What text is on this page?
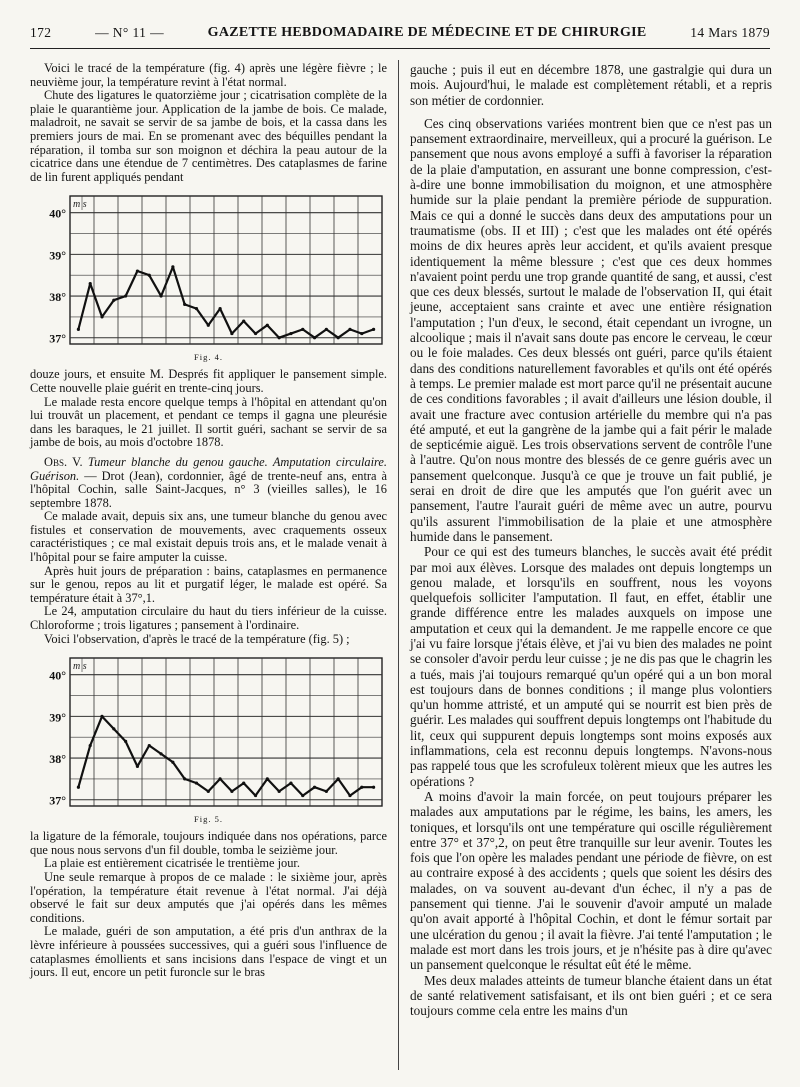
172	— N° 11 —	GAZETTE HEBDOMADAIRE DE MÉDECINE ET DE CHIRURGIE	14 Mars 1879

Voici le tracé de la température (fig. 4) après une légère fièvre ; le neuvième jour, la température revint à l'état normal.

Chute des ligatures le quatorzième jour ; cicatrisation complète de la plaie le quarantième jour. Application de la jambe de bois. Ce malade, maladroit, ne savait se servir de sa jambe de bois, et la cassa dans les premiers jours de mai. En se promenant avec des béquilles pendant la réparation, il tomba sur son moignon et déchira la peau autour de la cicatrice dans une étendue de 7 centimètres. Des cataplasmes de farine de lin furent appliqués pendant

m s
37°
38°
39°
40°
Fig. 4.

douze jours, et ensuite M. Després fit appliquer le pansement simple. Cette nouvelle plaie guérit en trente-cinq jours.

Le malade resta encore quelque temps à l'hôpital en attendant qu'on lui trouvât un placement, et pendant ce temps il gagna une pleurésie dans les baraques, le 21 juillet. Il sortit guéri, sachant se servir de sa jambe de bois, au mois d'octobre 1878.

Obs. V. Tumeur blanche du genou gauche. Amputation circulaire. Guérison. — Drot (Jean), cordonnier, âgé de trente-neuf ans, entra à l'hôpital Cochin, salle Saint-Jacques, n° 3 (vieilles salles), le 16 septembre 1878.

Ce malade avait, depuis six ans, une tumeur blanche du genou avec fistules et conservation de mouvements, avec craquements osseux caractéristiques ; ce mal existait depuis trois ans, et le malade venait à l'hôpital pour se faire amputer la cuisse.

Après huit jours de préparation : bains, cataplasmes en permanence sur le genou, repos au lit et purgatif léger, le malade est opéré. Sa température était à 37°,1.

Le 24, amputation circulaire du haut du tiers inférieur de la cuisse. Chloroforme ; trois ligatures ; pansement à l'ordinaire.

Voici l'observation, d'après le tracé de la température (fig. 5) ;

m s
37°
38°
39°
40°
Fig. 5.

la ligature de la fémorale, toujours indiquée dans nos opérations, parce que nous nous servons d'un fil double, tomba le seizième jour.

La plaie est entièrement cicatrisée le trentième jour.

Une seule remarque à propos de ce malade : le sixième jour, après l'opération, la température était revenue à l'état normal. J'ai déjà observé le fait sur deux amputés que j'ai opérés dans les mêmes conditions.

Le malade, guéri de son amputation, a été pris d'un anthrax de la lèvre inférieure à poussées successives, qui a guéri sous l'influence de cataplasmes émollients et sans incisions dans l'espace de vingt et un jours. Il eut, encore un petit furoncle sur le bras

gauche ; puis il eut en décembre 1878, une gastralgie qui dura un mois. Aujourd'hui, le malade est complètement rétabli, et a repris son métier de cordonnier.

Ces cinq observations variées montrent bien que ce n'est pas un pansement extraordinaire, merveilleux, qui a procuré la guérison. Le pansement que nous avons employé a suffi à favoriser la réparation de la plaie d'amputation, en assurant une bonne compression, c'est-à-dire une bonne immobilisation du moignon, et une atmosphère humide sur la plaie pendant la première période de suppuration. Mais ce qui a donné le succès dans deux des amputations pour un traumatisme (obs. II et III) ; c'est que les malades ont été opérés moins de dix heures après leur accident, et qu'ils avaient presque identiquement la même blessure ; c'est que ces deux hommes n'avaient point perdu une trop grande quantité de sang, et aussi, c'est que ces deux blessés, surtout le malade de l'observation II, qui était jeune, acceptaient sans crainte et avec une entière résignation l'amputation ; l'un d'eux, le second, était cependant un ivrogne, un alcoolique ; mais il n'avait sans doute pas encore le cerveau, le cœur ou le foie malades. Ces deux blessés ont guéri, parce qu'ils étaient dans des conditions naturellement favorables et qu'ils ont été opérés à temps. Le premier malade est mort parce qu'il ne présentait aucune de ces conditions favorables ; il avait d'ailleurs une lésion double, il avait une fracture avec contusion artérielle du membre qui n'a pas été amputé, et eut la gangrène de la jambe qui a fait périr le malade de septicémie aiguë. Les trois observations servent de contrôle l'une à l'autre. Qu'on nous montre des blessés de ce genre guéris avec un pansement quelconque. Jusqu'à ce que je trouve un fait publié, je serai en droit de dire que les amputés que l'on guérit avec un pansement, l'autre l'aurait guéri de même avec un autre, pourvu qu'ils assurent l'immobilisation de la plaie et une atmosphère humide dans le pansement.

Pour ce qui est des tumeurs blanches, le succès avait été prédit par moi aux élèves. Lorsque des malades ont depuis longtemps un genou malade, et lorsqu'ils en souffrent, nous les voyons quelquefois solliciter l'amputation. Il faut, en effet, établir une grande différence entre les malades auxquels on impose une amputation et ceux qui la demandent. Je me rappelle encore ce que j'ai vu faire lorsque j'étais élève, et j'ai vu bien des malades ne point se consoler d'avoir perdu leur cuisse ; je ne dis pas que le chagrin les a tués, mais j'ai toujours remarqué qu'un opéré qui a un bon moral est toujours dans de bonnes conditions ; il mange plus volontiers qu'un homme attristé, et un amputé qui se nourrit est bien près de guérir. Les malades qui souffrent depuis longtemps ont l'habitude du lit, ceux qui suppurent depuis longtemps sont moins exposés aux inflammations, cela est reconnu depuis longtemps. N'avons-nous pas rappelé tous que les scrofuleux tolèrent mieux que les autres les opérations ?

A moins d'avoir la main forcée, on peut toujours préparer les malades aux amputations par le régime, les bains, les amers, les toniques, et lorsqu'ils ont une température qui oscille régulièrement entre 37° et 37°,2, on peut être tranquille sur leur avenir. Toutes les fois que l'on opère les malades pendant une période de fièvre, on est au contraire exposé à des accidents ; quels que soient les désirs des malades, on va souvent au-devant d'un échec, il n'y a pas de pansement qui tienne. J'ai le souvenir d'avoir amputé un malade qu'on avait apporté à l'hôpital Cochin, et dont le fémur sortait par une ulcération du genou ; il avait la fièvre. J'ai tenté l'amputation ; le malade est mort dans les trois jours, et je n'hésite pas à dire qu'avec un pansement quelconque le résultat eût été le même.

Mes deux malades atteints de tumeur blanche étaient dans un état de santé relativement satisfaisant, et ils ont bien guéri ; et ce sera toujours comme cela entre les mains d'un
